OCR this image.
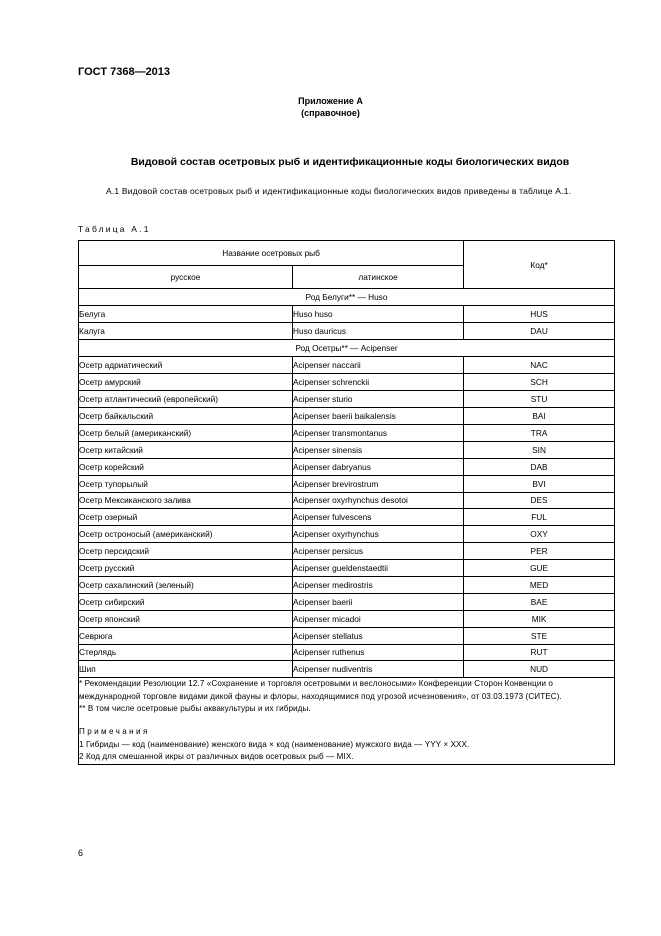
ГОСТ 7368—2013
Приложение А
(справочное)
Видовой состав осетровых рыб и идентификационные коды биологических видов
А.1 Видовой состав осетровых рыб и идентификационные коды биологических видов приведены в таблице А.1.
Таблица А.1
Название осетровых рыб		Код*
русское	латинское	
Род Белуги** — Huso		
Белуга	Huso huso	HUS
Калуга	Huso dauricus	DAU
Род Осетры** — Acipenser		
Осетр адриатический	Acipenser naccarii	NAC
Осетр амурский	Acipenser schrenckii	SCH
Осетр атлантический (европейский)	Acipenser sturio	STU
Осетр байкальский	Acipenser baerii baikalensis	BAI
Осетр белый (американский)	Acipenser transmontanus	TRA
Осетр китайский	Acipenser sinensis	SIN
Осетр корейский	Acipenser dabryanus	DAB
Осетр тупорылый	Acipenser brevirostrum	BVI
Осетр Мексиканского залива	Acipenser oxyrhynchus desotoi	DES
Осетр озерный	Acipenser fulvescens	FUL
Осетр остроносый (американский)	Acipenser oxyrhynchus	OXY
Осетр персидский	Acipenser persicus	PER
Осетр русский	Acipenser gueldenstaedtii	GUE
Осетр сахалинский (зеленый)	Acipenser medirostris	MED
Осетр сибирский	Acipenser baerii	BAE
Осетр японский	Acipenser micadoi	MIK
Севрюга	Acipenser stellatus	STE
Стерлядь	Acipenser ruthenus	RUT
Шип	Acipenser nudiventris	NUD

* Рекомендации Резолюции 12.7 «Сохранение и торговля осетровыми и веслоносыми» Конференции Сторон Конвенции о международной торговле видами дикой фауны и флоры, находящимися под угрозой исчезновения», от 03.03.1973 (СИТЕС).
** В том числе осетровые рыбы аквакультуры и их гибриды.
Примечания
1 Гибриды — код (наименование) женского вида × код (наименование) мужского вида — YYY × XXX.
2 Код для смешанной икры от различных видов осетровых рыб — MIX.		
6
